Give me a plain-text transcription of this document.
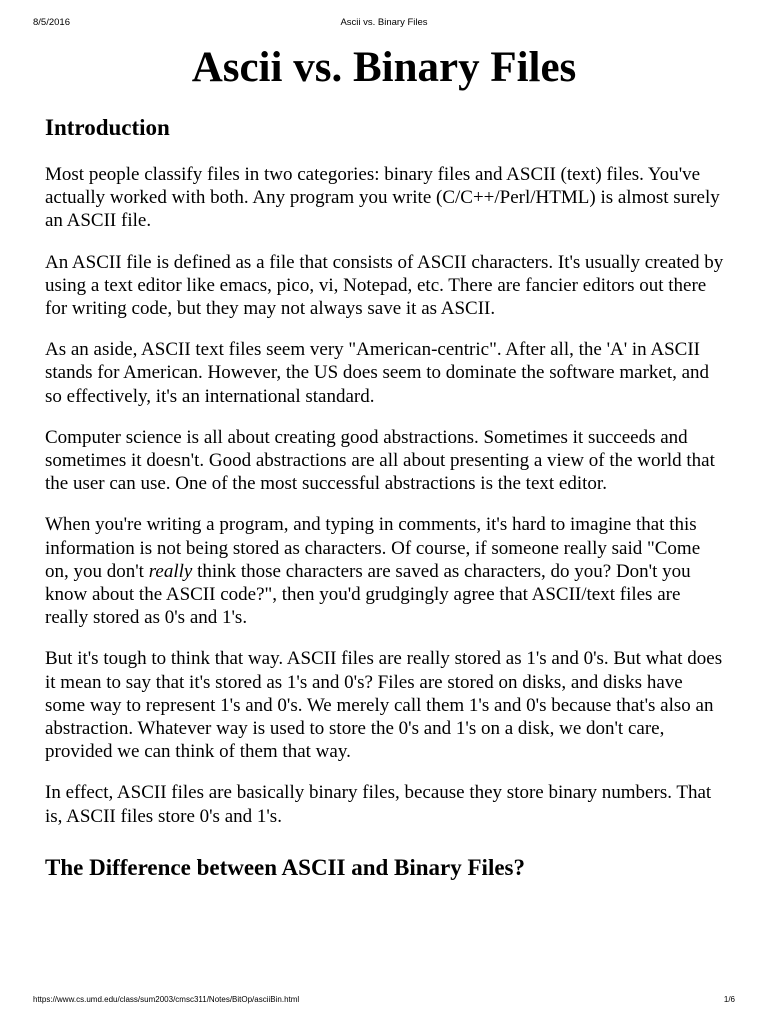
8/5/2016	Ascii vs. Binary Files
Ascii vs. Binary Files
Introduction

Most people classify files in two categories: binary files and ASCII (text) files. You've actually worked with both. Any program you write (C/C++/Perl/HTML) is almost surely an ASCII file.

An ASCII file is defined as a file that consists of ASCII characters. It's usually created by using a text editor like emacs, pico, vi, Notepad, etc. There are fancier editors out there for writing code, but they may not always save it as ASCII.

As an aside, ASCII text files seem very "American-centric". After all, the 'A' in ASCII stands for American. However, the US does seem to dominate the software market, and so effectively, it's an international standard.

Computer science is all about creating good abstractions. Sometimes it succeeds and sometimes it doesn't. Good abstractions are all about presenting a view of the world that the user can use. One of the most successful abstractions is the text editor.

When you're writing a program, and typing in comments, it's hard to imagine that this information is not being stored as characters. Of course, if someone really said "Come on, you don't really think those characters are saved as characters, do you? Don't you know about the ASCII code?", then you'd grudgingly agree that ASCII/text files are really stored as 0's and 1's.

But it's tough to think that way. ASCII files are really stored as 1's and 0's. But what does it mean to say that it's stored as 1's and 0's? Files are stored on disks, and disks have some way to represent 1's and 0's. We merely call them 1's and 0's because that's also an abstraction. Whatever way is used to store the 0's and 1's on a disk, we don't care, provided we can think of them that way.

In effect, ASCII files are basically binary files, because they store binary numbers. That is, ASCII files store 0's and 1's.

The Difference between ASCII and Binary Files?
https://www.cs.umd.edu/class/sum2003/cmsc311/Notes/BitOp/asciiBin.html	1/6
